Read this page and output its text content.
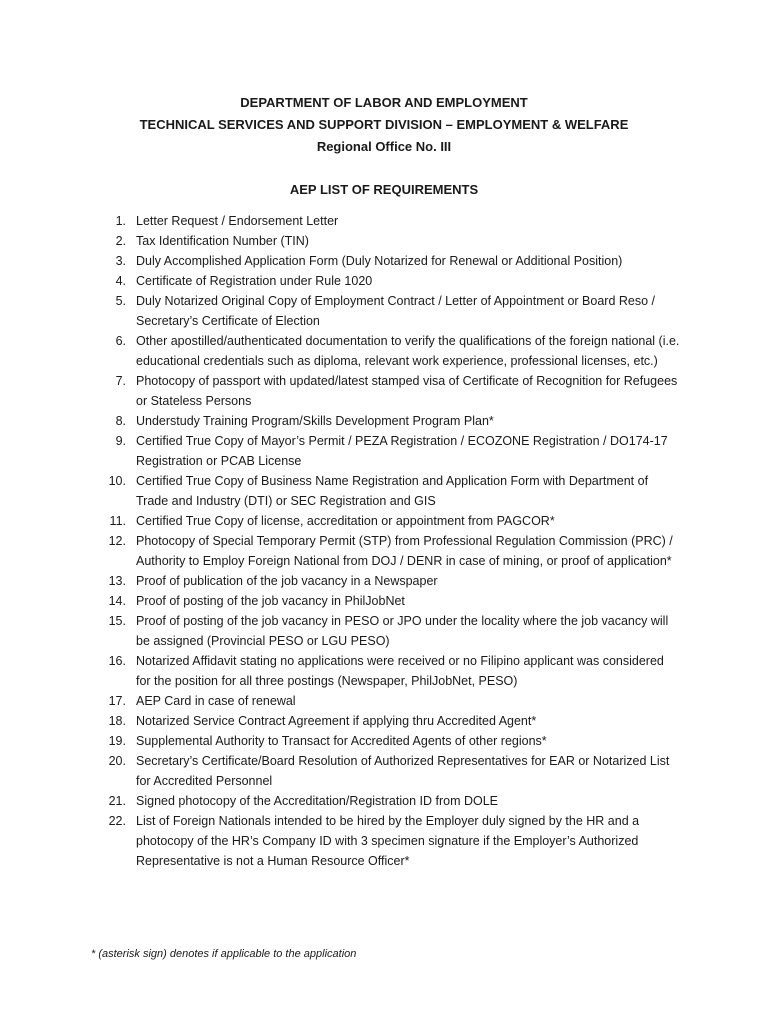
DEPARTMENT OF LABOR AND EMPLOYMENT
TECHNICAL SERVICES AND SUPPORT DIVISION – EMPLOYMENT & WELFARE
Regional Office No. III
AEP LIST OF REQUIREMENTS
1. Letter Request / Endorsement Letter
2. Tax Identification Number (TIN)
3. Duly Accomplished Application Form (Duly Notarized for Renewal or Additional Position)
4. Certificate of Registration under Rule 1020
5. Duly Notarized Original Copy of Employment Contract / Letter of Appointment or Board Reso / Secretary’s Certificate of Election
6. Other apostilled/authenticated documentation to verify the qualifications of the foreign national (i.e. educational credentials such as diploma, relevant work experience, professional licenses, etc.)
7. Photocopy of passport with updated/latest stamped visa of Certificate of Recognition for Refugees or Stateless Persons
8. Understudy Training Program/Skills Development Program Plan*
9. Certified True Copy of Mayor’s Permit / PEZA Registration / ECOZONE Registration / DO174-17 Registration or PCAB License
10. Certified True Copy of Business Name Registration and Application Form with Department of Trade and Industry (DTI) or SEC Registration and GIS
11. Certified True Copy of license, accreditation or appointment from PAGCOR*
12. Photocopy of Special Temporary Permit (STP) from Professional Regulation Commission (PRC) / Authority to Employ Foreign National from DOJ / DENR in case of mining, or proof of application*
13. Proof of publication of the job vacancy in a Newspaper
14. Proof of posting of the job vacancy in PhilJobNet
15. Proof of posting of the job vacancy in PESO or JPO under the locality where the job vacancy will be assigned (Provincial PESO or LGU PESO)
16. Notarized Affidavit stating no applications were received or no Filipino applicant was considered for the position for all three postings (Newspaper, PhilJobNet, PESO)
17. AEP Card in case of renewal
18. Notarized Service Contract Agreement if applying thru Accredited Agent*
19. Supplemental Authority to Transact for Accredited Agents of other regions*
20. Secretary’s Certificate/Board Resolution of Authorized Representatives for EAR or Notarized List for Accredited Personnel
21. Signed photocopy of the Accreditation/Registration ID from DOLE
22. List of Foreign Nationals intended to be hired by the Employer duly signed by the HR and a photocopy of the HR’s Company ID with 3 specimen signature if the Employer’s Authorized Representative is not a Human Resource Officer*
* (asterisk sign) denotes if applicable to the application
